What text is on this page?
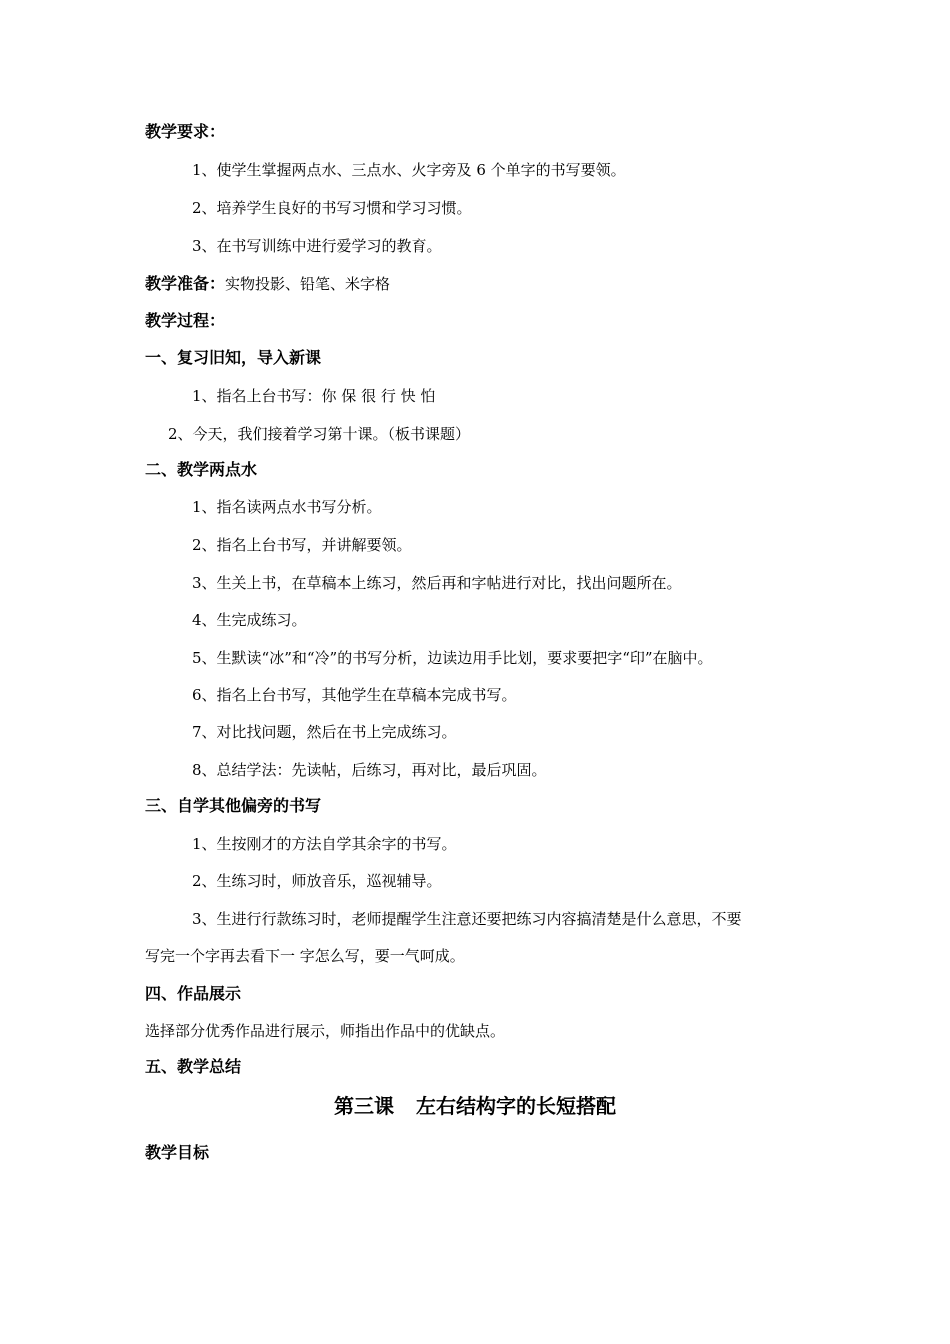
教学要求：
1、使学生掌握两点水、三点水、火字旁及 6 个单字的书写要领。
2、培养学生良好的书写习惯和学习习惯。
3、在书写训练中进行爱学习的教育。
教学准备：实物投影、铅笔、米字格
教学过程：
一、复习旧知，导入新课
1、指名上台书写：你 保 很 行 快 怕
2、今天，我们接着学习第十课。（板书课题）
二、教学两点水
1、指名读两点水书写分析。
2、指名上台书写，并讲解要领。
3、生关上书，在草稿本上练习，然后再和字帖进行对比，找出问题所在。
4、生完成练习。
5、生默读“冰”和“冷”的书写分析，边读边用手比划，要求要把字“印”在脑中。
6、指名上台书写，其他学生在草稿本完成书写。
7、对比找问题，然后在书上完成练习。
8、总结学法：先读帖，后练习，再对比，最后巩固。
三、自学其他偏旁的书写
1、生按刚才的方法自学其余字的书写。
2、生练习时，师放音乐，巡视辅导。
3、生进行行款练习时，老师提醒学生注意还要把练习内容搞清楚是什么意思，不要
写完一个字再去看下一 字怎么写，要一气呵成。
四、作品展示
选择部分优秀作品进行展示，师指出作品中的优缺点。
五、教学总结
第三课 左右结构字的长短搭配
教学目标
